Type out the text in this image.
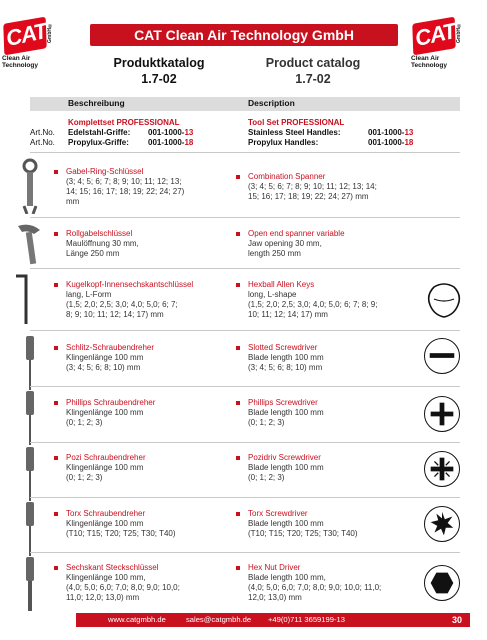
CAT
GmbH®
Clean Air
Technology
CAT
GmbH®
Clean Air
Technology
CAT Clean Air Technology GmbH
Produktkatalog	Product catalog
1.7-02	1.7-02
Beschreibung	Description
Komplettset PROFESSIONAL	Tool Set PROFESSIONAL
Art.No. Edelstahl-Griffe: 001-1000-13	Stainless Steel Handles:	001-1000-13
Art.No. Propylux-Griffe: 001-1000-18	Propylux Handles:	001-1000-18
Gabel-Ring-Schlüssel
(3; 4; 5; 6; 7; 8; 9; 10; 11; 12; 13;
14; 15; 16; 17; 18; 19; 22; 24; 27)
mm
Combination Spanner
(3; 4; 5; 6; 7; 8; 9; 10; 11; 12; 13; 14;
15; 16; 17; 18; 19; 22; 24; 27) mm
Rollgabelschlüssel
Maulöffnung 30 mm,
Länge 250 mm
Open end spanner variable
Jaw opening 30 mm,
length 250 mm
Kugelkopf-Innensechskantschlüssel
lang, L-Form
(1,5; 2,0; 2,5; 3,0; 4,0; 5,0; 6; 7;
8; 9; 10; 11; 12; 14; 17) mm
Hexball Allen Keys
long, L-shape
(1,5; 2,0; 2,5; 3,0; 4,0; 5,0; 6; 7; 8; 9;
10; 11; 12; 14; 17) mm
Schlitz-Schraubendreher
Klingenlänge 100 mm
(3; 4; 5; 6; 8; 10) mm
Slotted Screwdriver
Blade length 100 mm
(3; 4; 5; 6; 8; 10) mm
Phillips Schraubendreher
Klingenlänge 100 mm
(0; 1; 2; 3)
Phillips Screwdriver
Blade length 100 mm
(0; 1; 2; 3)
Pozi Schraubendreher
Klingenlänge 100 mm
(0; 1; 2; 3)
Pozidriv Screwdriver
Blade length 100 mm
(0; 1; 2; 3)
Torx Schraubendreher
Klingenlänge 100 mm
(T10; T15; T20; T25; T30; T40)
Torx Screwdriver
Blade length 100 mm
(T10; T15; T20; T25; T30; T40)
Sechskant Steckschlüssel
Klingenlänge 100 mm,
(4,0; 5,0; 6,0; 7,0; 8,0; 9,0; 10,0;
11,0; 12,0; 13,0) mm
Hex Nut Driver
Blade length 100 mm,
(4,0; 5,0; 6,0; 7,0; 8,0; 9,0; 10,0; 11,0;
12,0; 13,0) mm
www.catgmbh.de	sales@catgmbh.de +49(0)711 3659199-13	30
